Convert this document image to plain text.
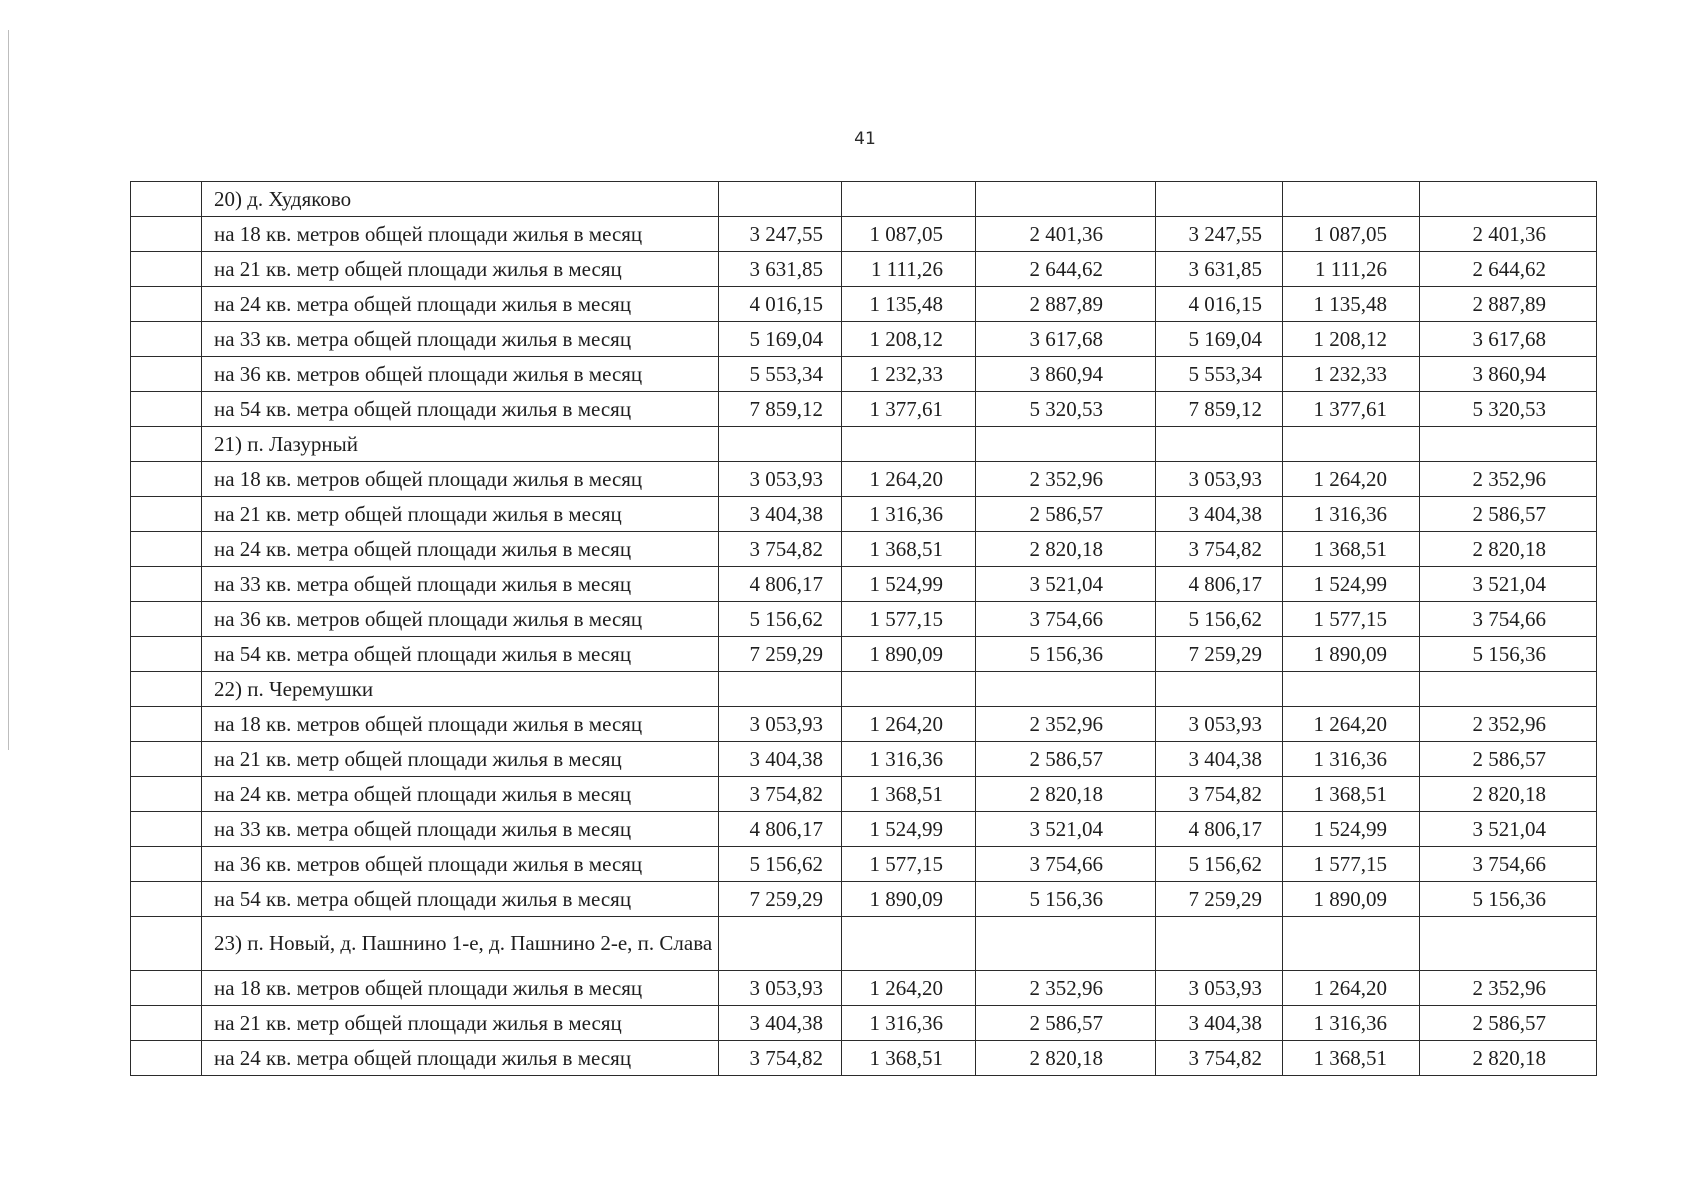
41
	20) д. Худяково						
	на 18 кв. метров общей площади жилья в месяц	3 247,55	1 087,05	2 401,36	3 247,55	1 087,05	2 401,36
	на 21 кв. метр общей площади жилья в месяц	3 631,85	1 111,26	2 644,62	3 631,85	1 111,26	2 644,62
	на 24 кв. метра общей площади жилья в месяц	4 016,15	1 135,48	2 887,89	4 016,15	1 135,48	2 887,89
	на 33 кв. метра общей площади жилья в месяц	5 169,04	1 208,12	3 617,68	5 169,04	1 208,12	3 617,68
	на 36 кв. метров общей площади жилья в месяц	5 553,34	1 232,33	3 860,94	5 553,34	1 232,33	3 860,94
	на 54 кв. метра общей площади жилья в месяц	7 859,12	1 377,61	5 320,53	7 859,12	1 377,61	5 320,53
	21) п. Лазурный						
	на 18 кв. метров общей площади жилья в месяц	3 053,93	1 264,20	2 352,96	3 053,93	1 264,20	2 352,96
	на 21 кв. метр общей площади жилья в месяц	3 404,38	1 316,36	2 586,57	3 404,38	1 316,36	2 586,57
	на 24 кв. метра общей площади жилья в месяц	3 754,82	1 368,51	2 820,18	3 754,82	1 368,51	2 820,18
	на 33 кв. метра общей площади жилья в месяц	4 806,17	1 524,99	3 521,04	4 806,17	1 524,99	3 521,04
	на 36 кв. метров общей площади жилья в месяц	5 156,62	1 577,15	3 754,66	5 156,62	1 577,15	3 754,66
	на 54 кв. метра общей площади жилья в месяц	7 259,29	1 890,09	5 156,36	7 259,29	1 890,09	5 156,36
	22) п. Черемушки						
	на 18 кв. метров общей площади жилья в месяц	3 053,93	1 264,20	2 352,96	3 053,93	1 264,20	2 352,96
	на 21 кв. метр общей площади жилья в месяц	3 404,38	1 316,36	2 586,57	3 404,38	1 316,36	2 586,57
	на 24 кв. метра общей площади жилья в месяц	3 754,82	1 368,51	2 820,18	3 754,82	1 368,51	2 820,18
	на 33 кв. метра общей площади жилья в месяц	4 806,17	1 524,99	3 521,04	4 806,17	1 524,99	3 521,04
	на 36 кв. метров общей площади жилья в месяц	5 156,62	1 577,15	3 754,66	5 156,62	1 577,15	3 754,66
	на 54 кв. метра общей площади жилья в месяц	7 259,29	1 890,09	5 156,36	7 259,29	1 890,09	5 156,36
	23) п. Новый, д. Пашнино 1-е, д. Пашнино 2-е, п. Слава						
	на 18 кв. метров общей площади жилья в месяц	3 053,93	1 264,20	2 352,96	3 053,93	1 264,20	2 352,96
	на 21 кв. метр общей площади жилья в месяц	3 404,38	1 316,36	2 586,57	3 404,38	1 316,36	2 586,57
	на 24 кв. метра общей площади жилья в месяц	3 754,82	1 368,51	2 820,18	3 754,82	1 368,51	2 820,18
